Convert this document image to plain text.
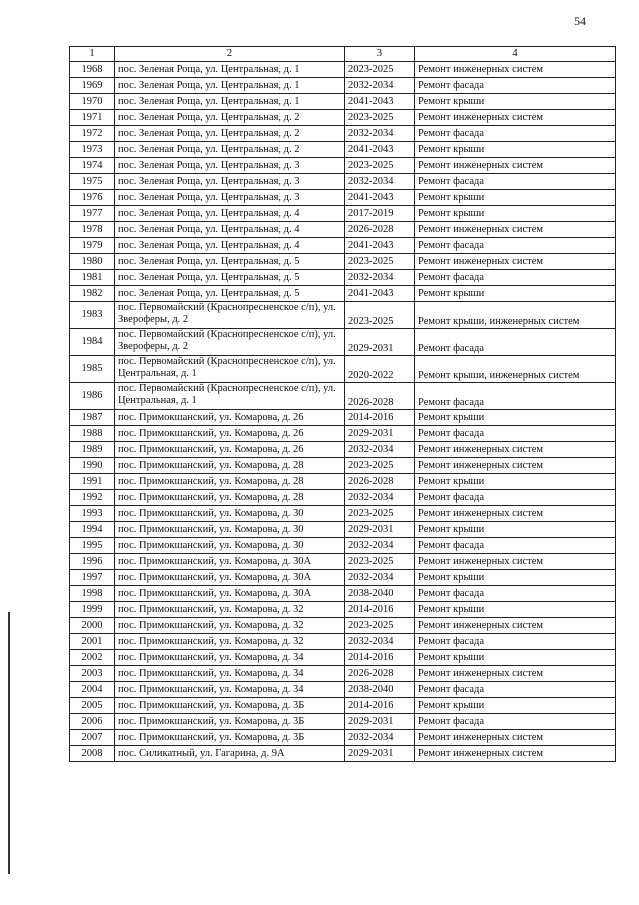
54
1	2	3	4
1968	пос. Зеленая Роща, ул. Центральная, д. 1	2023-2025	Ремонт инженерных систем
1969	пос. Зеленая Роща, ул. Центральная, д. 1	2032-2034	Ремонт фасада
1970	пос. Зеленая Роща, ул. Центральная, д. 1	2041-2043	Ремонт крыши
1971	пос. Зеленая Роща, ул. Центральная, д. 2	2023-2025	Ремонт инженерных систем
1972	пос. Зеленая Роща, ул. Центральная, д. 2	2032-2034	Ремонт фасада
1973	пос. Зеленая Роща, ул. Центральная, д. 2	2041-2043	Ремонт крыши
1974	пос. Зеленая Роща, ул. Центральная, д. 3	2023-2025	Ремонт инженерных систем
1975	пос. Зеленая Роща, ул. Центральная, д. 3	2032-2034	Ремонт фасада
1976	пос. Зеленая Роща, ул. Центральная, д. 3	2041-2043	Ремонт крыши
1977	пос. Зеленая Роща, ул. Центральная, д. 4	2017-2019	Ремонт крыши
1978	пос. Зеленая Роща, ул. Центральная, д. 4	2026-2028	Ремонт инженерных систем
1979	пос. Зеленая Роща, ул. Центральная, д. 4	2041-2043	Ремонт фасада
1980	пос. Зеленая Роща, ул. Центральная, д. 5	2023-2025	Ремонт инженерных систем
1981	пос. Зеленая Роща, ул. Центральная, д. 5	2032-2034	Ремонт фасада
1982	пос. Зеленая Роща, ул. Центральная, д. 5	2041-2043	Ремонт крыши
1983	пос. Первомайский (Краснопресненское с/п), ул. Звероферы, д. 2	2023-2025	Ремонт крыши, инженерных систем
1984	пос. Первомайский (Краснопресненское с/п), ул. Звероферы, д. 2	2029-2031	Ремонт фасада
1985	пос. Первомайский (Краснопресненское с/п), ул. Центральная, д. 1	2020-2022	Ремонт крыши, инженерных систем
1986	пос. Первомайский (Краснопресненское с/п), ул. Центральная, д. 1	2026-2028	Ремонт фасада
1987	пос. Примокшанский, ул. Комарова, д. 26	2014-2016	Ремонт крыши
1988	пос. Примокшанский, ул. Комарова, д. 26	2029-2031	Ремонт фасада
1989	пос. Примокшанский, ул. Комарова, д. 26	2032-2034	Ремонт инженерных систем
1990	пос. Примокшанский, ул. Комарова, д. 28	2023-2025	Ремонт инженерных систем
1991	пос. Примокшанский, ул. Комарова, д. 28	2026-2028	Ремонт крыши
1992	пос. Примокшанский, ул. Комарова, д. 28	2032-2034	Ремонт фасада
1993	пос. Примокшанский, ул. Комарова, д. 30	2023-2025	Ремонт инженерных систем
1994	пос. Примокшанский, ул. Комарова, д. 30	2029-2031	Ремонт крыши
1995	пос. Примокшанский, ул. Комарова, д. 30	2032-2034	Ремонт фасада
1996	пос. Примокшанский, ул. Комарова, д. 30А	2023-2025	Ремонт инженерных систем
1997	пос. Примокшанский, ул. Комарова, д. 30А	2032-2034	Ремонт крыши
1998	пос. Примокшанский, ул. Комарова, д. 30А	2038-2040	Ремонт фасада
1999	пос. Примокшанский, ул. Комарова, д. 32	2014-2016	Ремонт крыши
2000	пос. Примокшанский, ул. Комарова, д. 32	2023-2025	Ремонт инженерных систем
2001	пос. Примокшанский, ул. Комарова, д. 32	2032-2034	Ремонт фасада
2002	пос. Примокшанский, ул. Комарова, д. 34	2014-2016	Ремонт крыши
2003	пос. Примокшанский, ул. Комарова, д. 34	2026-2028	Ремонт инженерных систем
2004	пос. Примокшанский, ул. Комарова, д. 34	2038-2040	Ремонт фасада
2005	пос. Примокшанский, ул. Комарова, д. 3Б	2014-2016	Ремонт крыши
2006	пос. Примокшанский, ул. Комарова, д. 3Б	2029-2031	Ремонт фасада
2007	пос. Примокшанский, ул. Комарова, д. 3Б	2032-2034	Ремонт инженерных систем
2008	пос. Силикатный, ул. Гагарина, д. 9А	2029-2031	Ремонт инженерных систем
